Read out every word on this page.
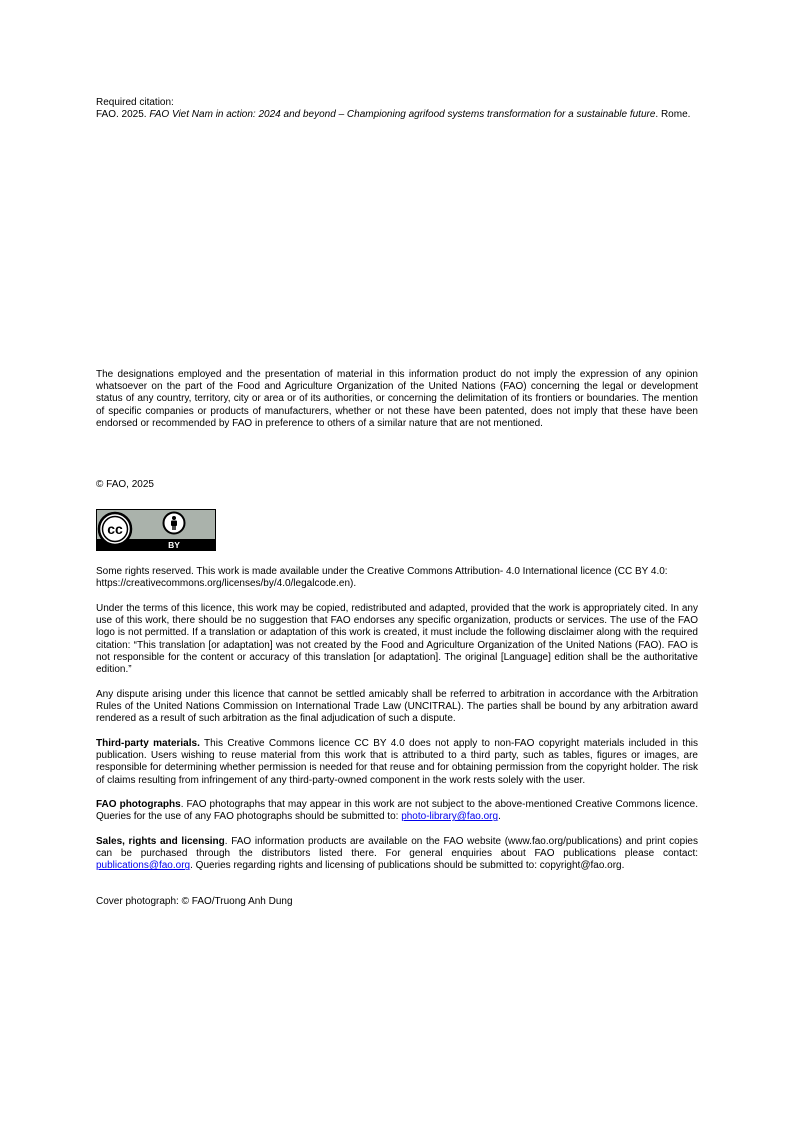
Required citation:

FAO. 2025. FAO Viet Nam in action: 2024 and beyond – Championing agrifood systems transformation for a sustainable future. Rome.

The designations employed and the presentation of material in this information product do not imply the expression of any opinion whatsoever on the part of the Food and Agriculture Organization of the United Nations (FAO) concerning the legal or development status of any country, territory, city or area or of its authorities, or concerning the delimitation of its frontiers or boundaries. The mention of specific companies or products of manufacturers, whether or not these have been patented, does not imply that these have been endorsed or recommended by FAO in preference to others of a similar nature that are not mentioned.

© FAO, 2025

cc
BY

Some rights reserved. This work is made available under the Creative Commons Attribution- 4.0 International licence (CC BY 4.0: https://creativecommons.org/licenses/by/4.0/legalcode.en).

Under the terms of this licence, this work may be copied, redistributed and adapted, provided that the work is appropriately cited. In any use of this work, there should be no suggestion that FAO endorses any specific organization, products or services. The use of the FAO logo is not permitted. If a translation or adaptation of this work is created, it must include the following disclaimer along with the required citation: “This translation [or adaptation] was not created by the Food and Agriculture Organization of the United Nations (FAO). FAO is not responsible for the content or accuracy of this translation [or adaptation]. The original [Language] edition shall be the authoritative edition.”

Any dispute arising under this licence that cannot be settled amicably shall be referred to arbitration in accordance with the Arbitration Rules of the United Nations Commission on International Trade Law (UNCITRAL). The parties shall be bound by any arbitration award rendered as a result of such arbitration as the final adjudication of such a dispute.

Third-party materials. This Creative Commons licence CC BY 4.0 does not apply to non-FAO copyright materials included in this publication. Users wishing to reuse material from this work that is attributed to a third party, such as tables, figures or images, are responsible for determining whether permission is needed for that reuse and for obtaining permission from the copyright holder. The risk of claims resulting from infringement of any third-party-owned component in the work rests solely with the user.

FAO photographs. FAO photographs that may appear in this work are not subject to the above-mentioned Creative Commons licence. Queries for the use of any FAO photographs should be submitted to: photo-library@fao.org.

Sales, rights and licensing. FAO information products are available on the FAO website (www.fao.org/publications) and print copies can be purchased through the distributors listed there. For general enquiries about FAO publications please contact: publications@fao.org. Queries regarding rights and licensing of publications should be submitted to: copyright@fao.org.

Cover photograph: © FAO/Truong Anh Dung
